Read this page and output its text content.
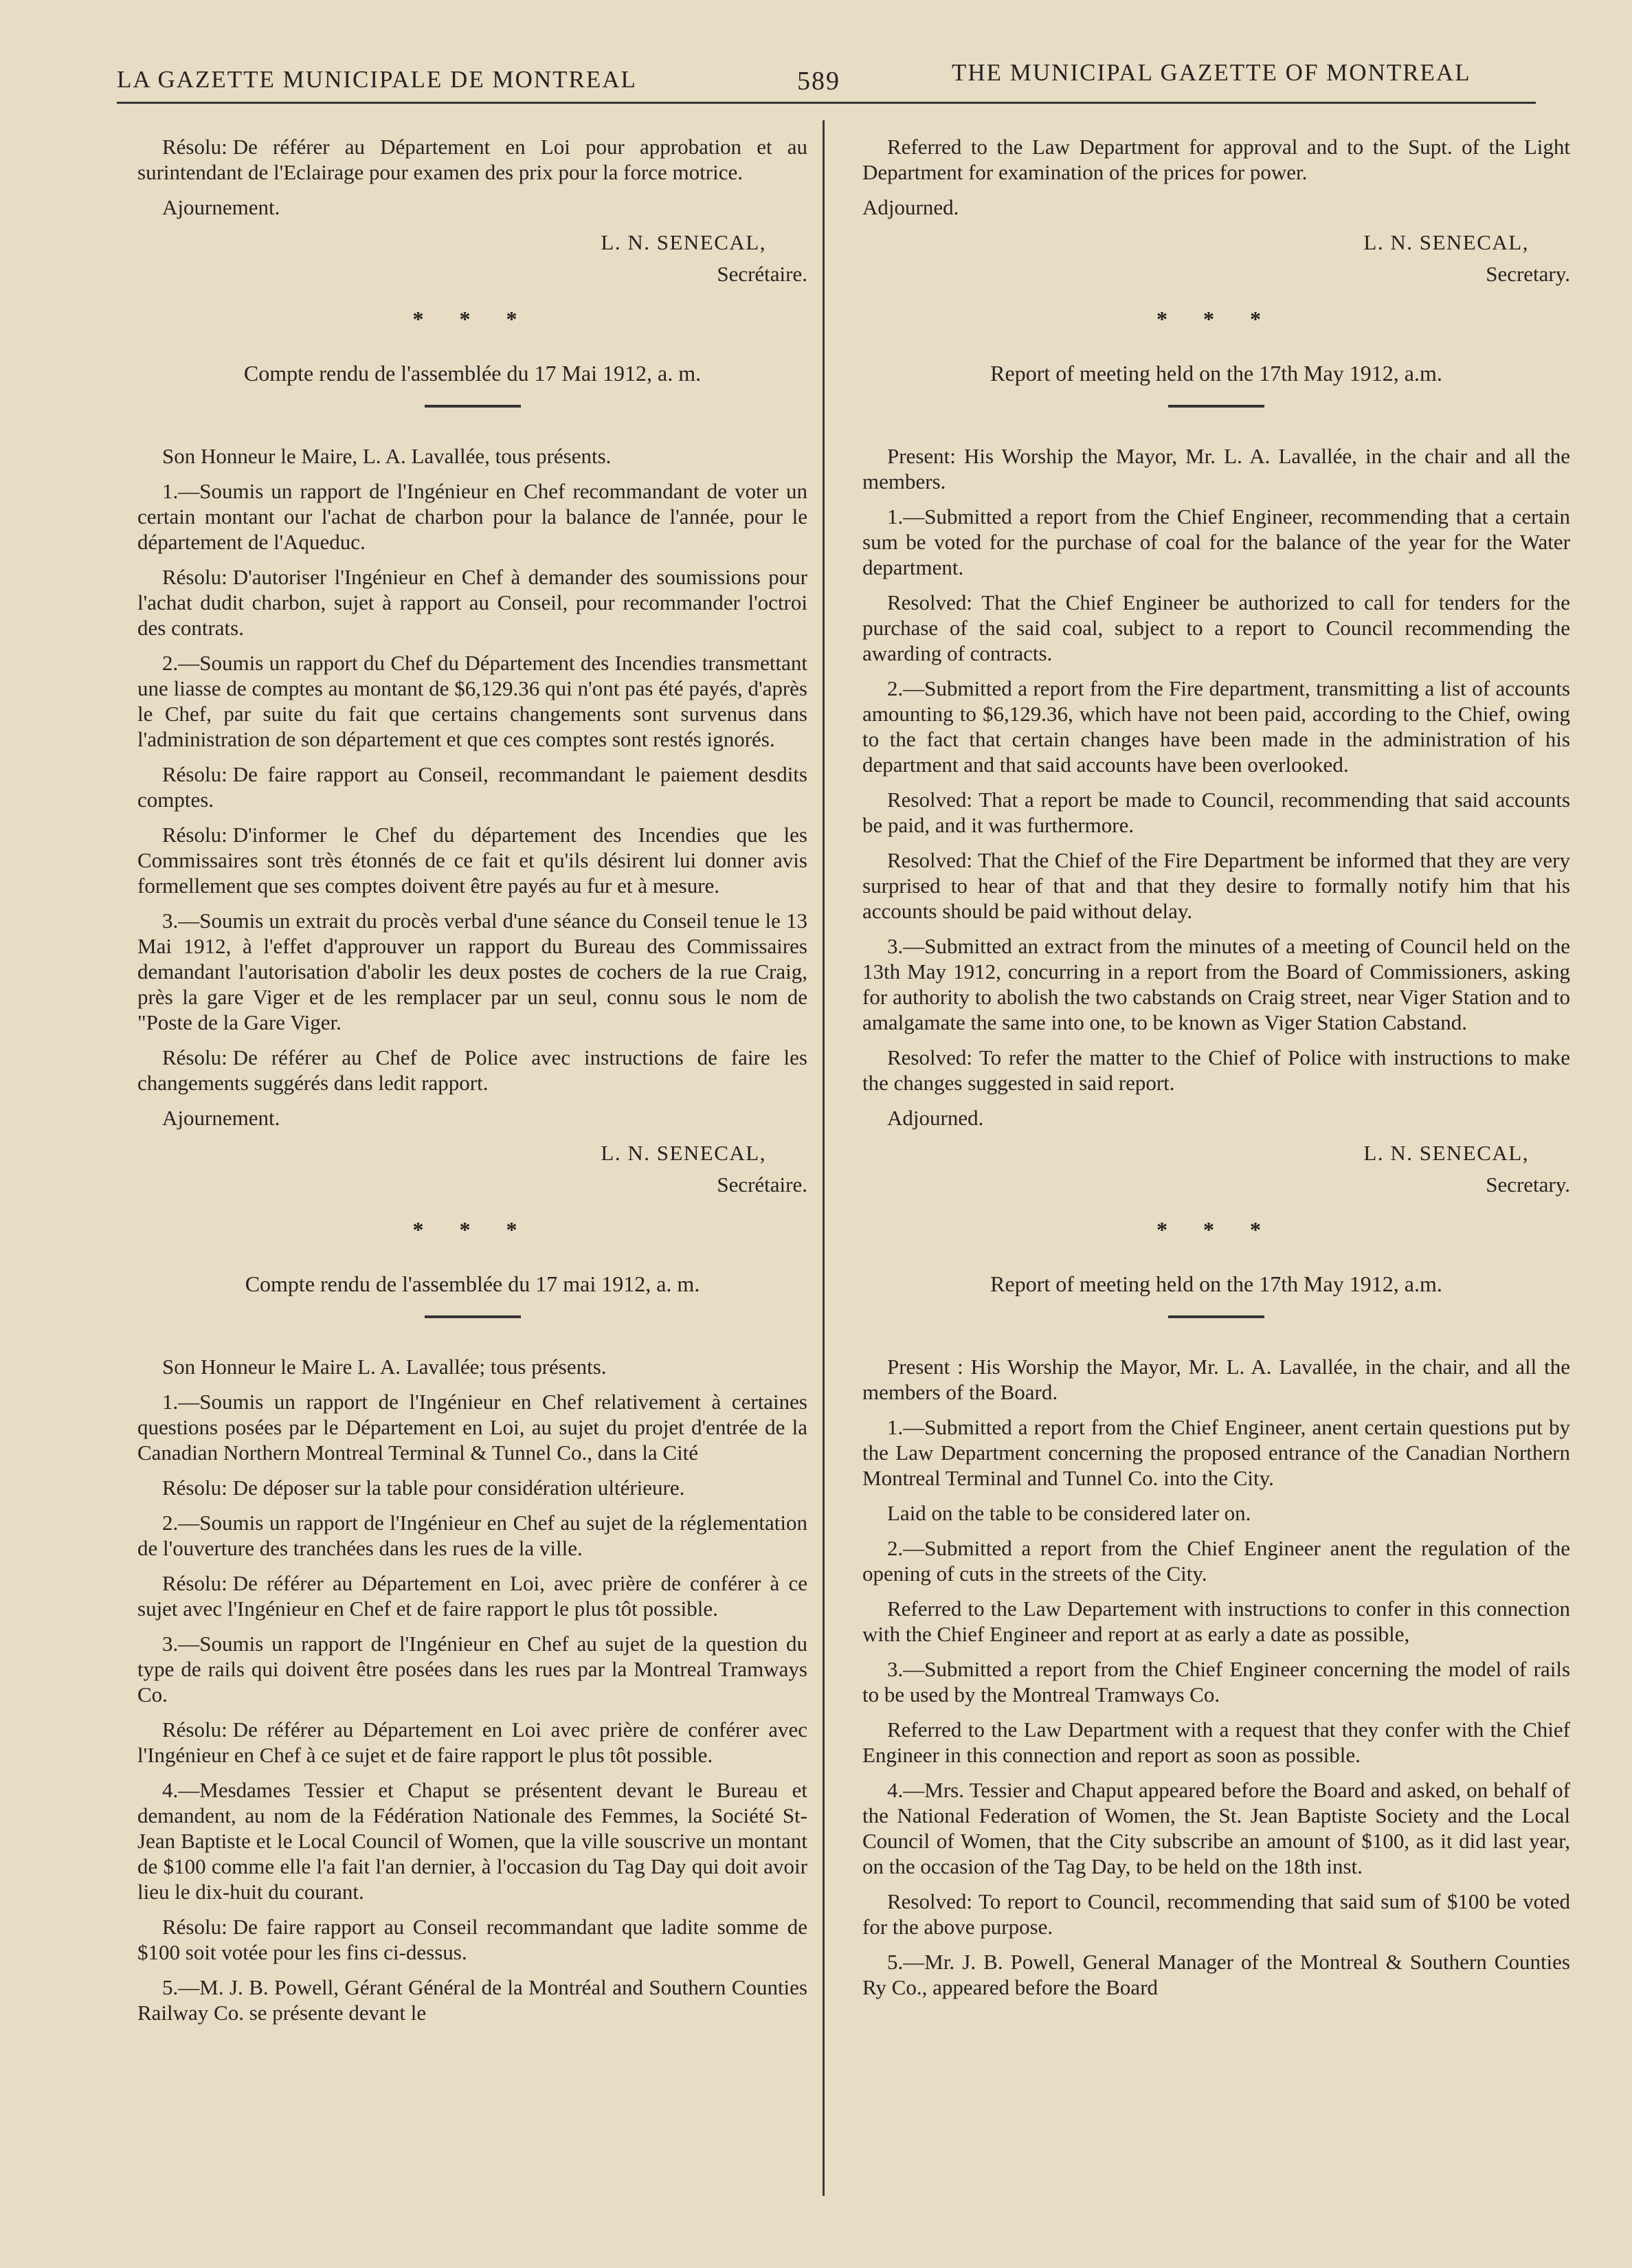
LA GAZETTE MUNICIPALE DE MONTREAL	589	THE MUNICIPAL GAZETTE OF MONTREAL

Résolu: De référer au Département en Loi pour approbation et au surintendant de l'Eclairage pour examen des prix pour la force motrice.

Ajournement.

L. N. SENECAL,
Secrétaire.
* * *

Compte rendu de l'assemblée du 17 Mai 1912, a. m.

Son Honneur le Maire, L. A. Lavallée, tous présents.

1.—Soumis un rapport de l'Ingénieur en Chef recommandant de voter un certain montant our l'achat de charbon pour la balance de l'année, pour le département de l'Aqueduc.

Résolu: D'autoriser l'Ingénieur en Chef à demander des soumissions pour l'achat dudit charbon, sujet à rapport au Conseil, pour recommander l'octroi des contrats.

2.—Soumis un rapport du Chef du Département des Incendies transmettant une liasse de comptes au montant de $6,129.36 qui n'ont pas été payés, d'après le Chef, par suite du fait que certains changements sont survenus dans l'administration de son département et que ces comptes sont restés ignorés.

Résolu: De faire rapport au Conseil, recommandant le paiement desdits comptes.

Résolu: D'informer le Chef du département des Incendies que les Commissaires sont très étonnés de ce fait et qu'ils désirent lui donner avis formellement que ses comptes doivent être payés au fur et à mesure.

3.—Soumis un extrait du procès verbal d'une séance du Conseil tenue le 13 Mai 1912, à l'effet d'approuver un rapport du Bureau des Commissaires demandant l'autorisation d'abolir les deux postes de cochers de la rue Craig, près la gare Viger et de les remplacer par un seul, connu sous le nom de "Poste de la Gare Viger.

Résolu: De référer au Chef de Police avec instructions de faire les changements suggérés dans ledit rapport.

Ajournement.

L. N. SENECAL,
Secrétaire.
* * *

Compte rendu de l'assemblée du 17 mai 1912, a. m.

Son Honneur le Maire L. A. Lavallée; tous présents.

1.—Soumis un rapport de l'Ingénieur en Chef relativement à certaines questions posées par le Département en Loi, au sujet du projet d'entrée de la Canadian Northern Montreal Terminal & Tunnel Co., dans la Cité

Résolu: De déposer sur la table pour considération ultérieure.

2.—Soumis un rapport de l'Ingénieur en Chef au sujet de la réglementation de l'ouverture des tranchées dans les rues de la ville.

Résolu: De référer au Département en Loi, avec prière de conférer à ce sujet avec l'Ingénieur en Chef et de faire rapport le plus tôt possible.

3.—Soumis un rapport de l'Ingénieur en Chef au sujet de la question du type de rails qui doivent être posées dans les rues par la Montreal Tramways Co.

Résolu: De référer au Département en Loi avec prière de conférer avec l'Ingénieur en Chef à ce sujet et de faire rapport le plus tôt possible.

4.—Mesdames Tessier et Chaput se présentent devant le Bureau et demandent, au nom de la Fédération Nationale des Femmes, la Société St-Jean Baptiste et le Local Council of Women, que la ville souscrive un montant de $100 comme elle l'a fait l'an dernier, à l'occasion du Tag Day qui doit avoir lieu le dix-huit du courant.

Résolu: De faire rapport au Conseil recommandant que ladite somme de $100 soit votée pour les fins ci-dessus.

5.—M. J. B. Powell, Gérant Général de la Montréal and Southern Counties Railway Co. se présente devant le

Referred to the Law Department for approval and to the Supt. of the Light Department for examination of the prices for power.

Adjourned.

L. N. SENECAL,
Secretary.
* * *

Report of meeting held on the 17th May 1912, a.m.

Present: His Worship the Mayor, Mr. L. A. Lavallée, in the chair and all the members.

1.—Submitted a report from the Chief Engineer, recommending that a certain sum be voted for the purchase of coal for the balance of the year for the Water department.

Resolved: That the Chief Engineer be authorized to call for tenders for the purchase of the said coal, subject to a report to Council recommending the awarding of contracts.

2.—Submitted a report from the Fire department, transmitting a list of accounts amounting to $6,129.36, which have not been paid, according to the Chief, owing to the fact that certain changes have been made in the administration of his department and that said accounts have been overlooked.

Resolved: That a report be made to Council, recommending that said accounts be paid, and it was furthermore.

Resolved: That the Chief of the Fire Department be informed that they are very surprised to hear of that and that they desire to formally notify him that his accounts should be paid without delay.

3.—Submitted an extract from the minutes of a meeting of Council held on the 13th May 1912, concurring in a report from the Board of Commissioners, asking for authority to abolish the two cabstands on Craig street, near Viger Station and to amalgamate the same into one, to be known as Viger Station Cabstand.

Resolved: To refer the matter to the Chief of Police with instructions to make the changes suggested in said report.

Adjourned.

L. N. SENECAL,
Secretary.
* * *

Report of meeting held on the 17th May 1912, a.m.

Present : His Worship the Mayor, Mr. L. A. Lavallée, in the chair, and all the members of the Board.

1.—Submitted a report from the Chief Engineer, anent certain questions put by the Law Department concerning the proposed entrance of the Canadian Northern Montreal Terminal and Tunnel Co. into the City.

Laid on the table to be considered later on.

2.—Submitted a report from the Chief Engineer anent the regulation of the opening of cuts in the streets of the City.

Referred to the Law Departement with instructions to confer in this connection with the Chief Engineer and report at as early a date as possible,

3.—Submitted a report from the Chief Engineer concerning the model of rails to be used by the Montreal Tramways Co.

Referred to the Law Department with a request that they confer with the Chief Engineer in this connection and report as soon as possible.

4.—Mrs. Tessier and Chaput appeared before the Board and asked, on behalf of the National Federation of Women, the St. Jean Baptiste Society and the Local Council of Women, that the City subscribe an amount of $100, as it did last year, on the occasion of the Tag Day, to be held on the 18th inst.

Resolved: To report to Council, recommending that said sum of $100 be voted for the above purpose.

5.—Mr. J. B. Powell, General Manager of the Montreal & Southern Counties Ry Co., appeared before the Board
